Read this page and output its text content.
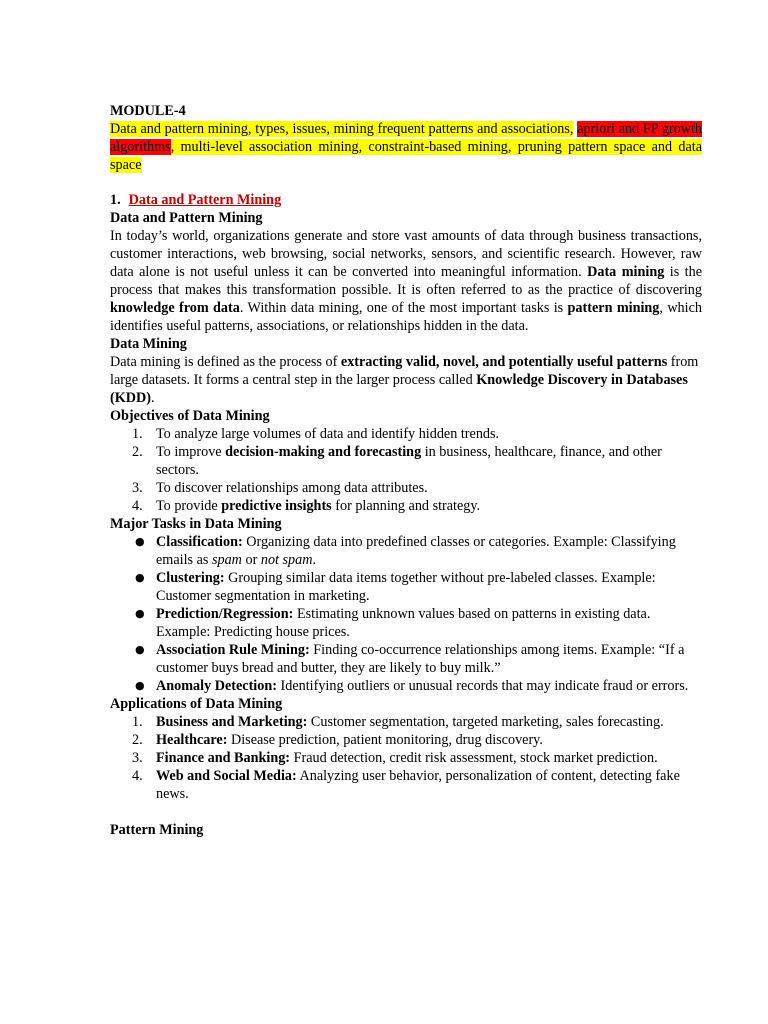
MODULE-4

Data and pattern mining, types, issues, mining frequent patterns and associations, apriori and FP growth algorithms, multi-level association mining, constraint-based mining, pruning pattern space and data space

1. Data and Pattern Mining

Data and Pattern Mining

In today’s world, organizations generate and store vast amounts of data through business transactions, customer interactions, web browsing, social networks, sensors, and scientific research. However, raw data alone is not useful unless it can be converted into meaningful information. Data mining is the process that makes this transformation possible. It is often referred to as the practice of discovering knowledge from data. Within data mining, one of the most important tasks is pattern mining, which identifies useful patterns, associations, or relationships hidden in the data.

Data Mining

Data mining is defined as the process of extracting valid, novel, and potentially useful patterns from large datasets. It forms a central step in the larger process called Knowledge Discovery in Databases (KDD).

Objectives of Data Mining

1. To analyze large volumes of data and identify hidden trends.
2. To improve decision-making and forecasting in business, healthcare, finance, and other sectors.
3. To discover relationships among data attributes.
4. To provide predictive insights for planning and strategy.

Major Tasks in Data Mining

● Classification: Organizing data into predefined classes or categories. Example: Classifying emails as spam or not spam.
● Clustering: Grouping similar data items together without pre-labeled classes. Example: Customer segmentation in marketing.
● Prediction/Regression: Estimating unknown values based on patterns in existing data. Example: Predicting house prices.
● Association Rule Mining: Finding co-occurrence relationships among items. Example: “If a customer buys bread and butter, they are likely to buy milk.”
● Anomaly Detection: Identifying outliers or unusual records that may indicate fraud or errors.

Applications of Data Mining

1. Business and Marketing: Customer segmentation, targeted marketing, sales forecasting.
2. Healthcare: Disease prediction, patient monitoring, drug discovery.
3. Finance and Banking: Fraud detection, credit risk assessment, stock market prediction.
4. Web and Social Media: Analyzing user behavior, personalization of content, detecting fake news.

Pattern Mining
